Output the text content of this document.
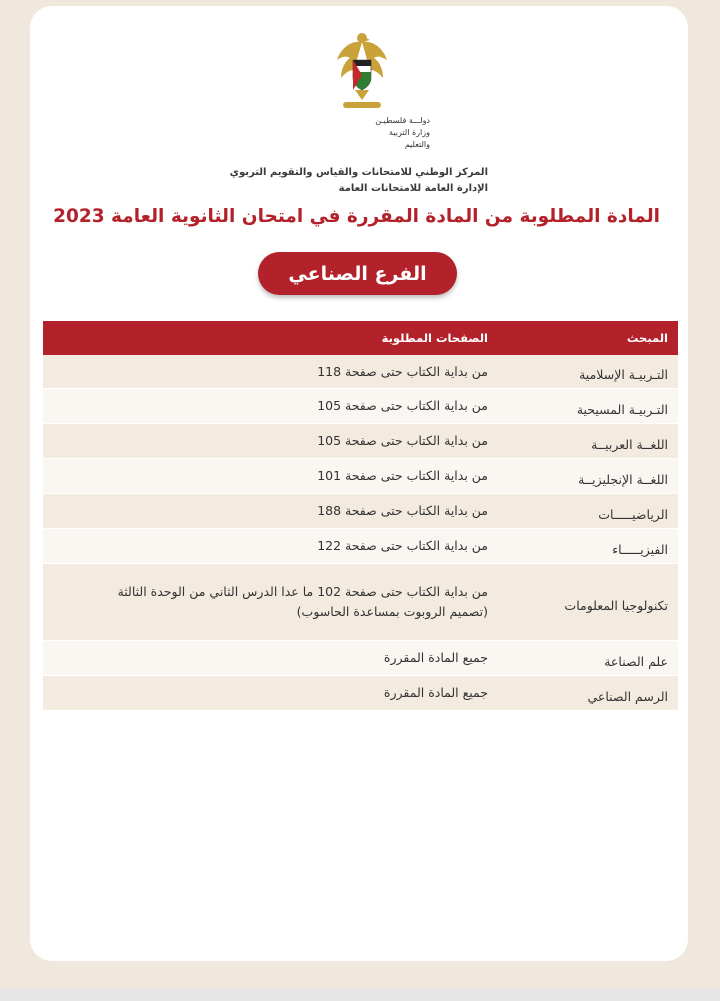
دولـــة فلسطيـن
وزارة التربية والتعليم
المركز الوطني للامتحانات والقياس والتقويم التربوي
الإدارة العامة للامتحانات العامة
المادة المطلوبة من المادة المقررة في امتحان الثانوية العامة 2023
الفرع الصناعي
المبحث
الصفحات المطلوبة
التـربيـة الإسلامية
من بداية الكتاب حتى صفحة 118
التـربيـة المسيحية
من بداية الكتاب حتى صفحة 105
اللغــة العربيــة
من بداية الكتاب حتى صفحة 105
اللغــة الإنجليزيــة
من بداية الكتاب حتى صفحة 101
الرياضيـــــات
من بداية الكتاب حتى صفحة 188
الفيزيـــــاء
من بداية الكتاب حتى صفحة 122
تكنولوجيا المعلومات
من بداية الكتاب حتى صفحة 102 ما عدا الدرس الثاني من الوحدة الثالثة
(تصميم الروبوت بمساعدة الحاسوب)
علم الصناعة
جميع المادة المقررة
الرسم الصناعي
جميع المادة المقررة
